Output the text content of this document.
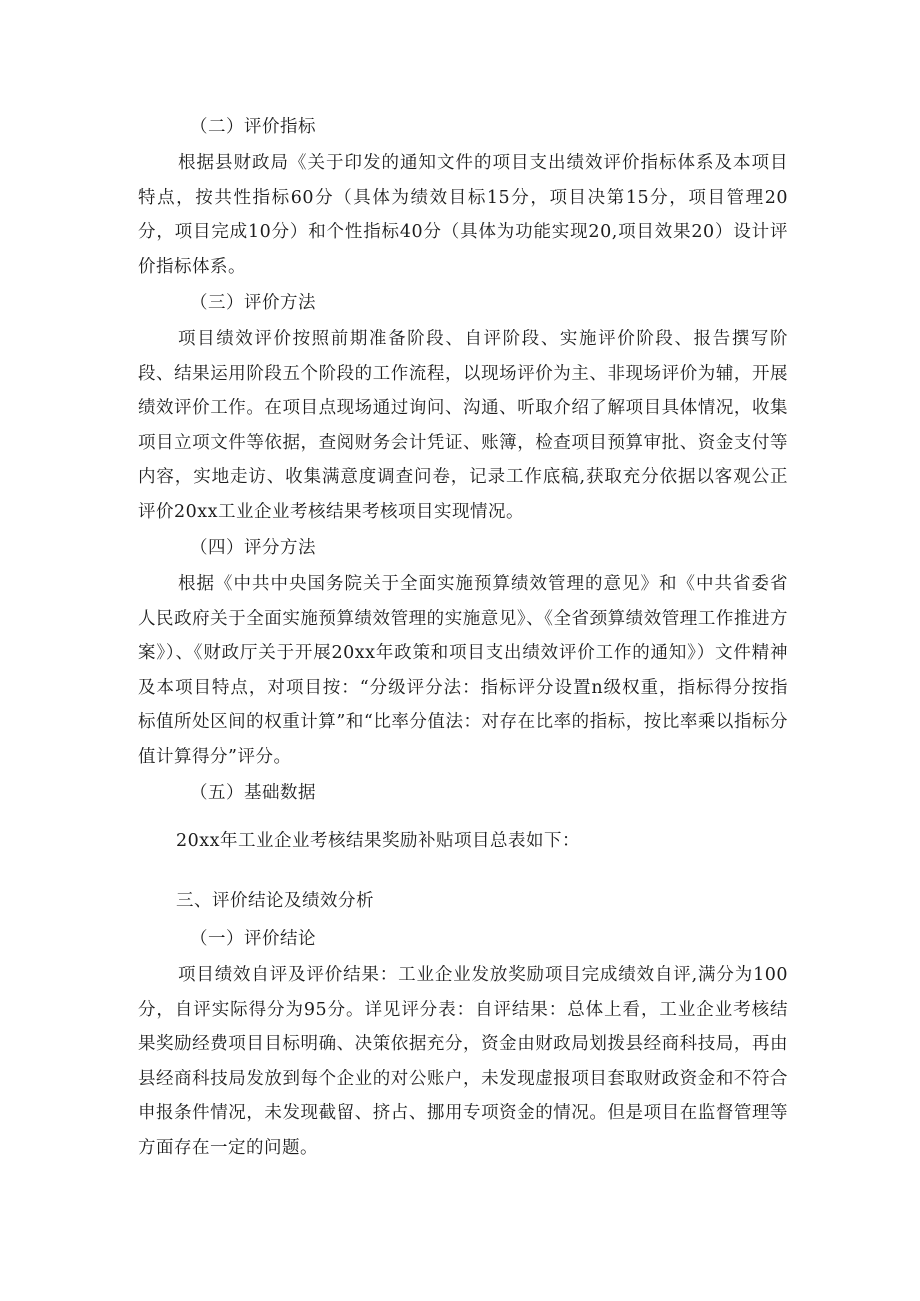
（二）评价指标

根据县财政局《关于印发的通知文件的项目支出绩效评价指标体系及本项目特点，按共性指标60分（具体为绩效目标15分，项目决第15分，项目管理20分，项目完成10分）和个性指标40分（具体为功能实现20,项目效果20）设计评价指标体系。

（三）评价方法

项目绩效评价按照前期准备阶段、自评阶段、实施评价阶段、报告撰写阶段、结果运用阶段五个阶段的工作流程，以现场评价为主、非现场评价为辅，开展绩效评价工作。在项目点现场通过询问、沟通、听取介绍了解项目具体情况，收集项目立项文件等依据，查阅财务会计凭证、账簿，检查项目预算审批、资金支付等内容，实地走访、收集满意度调查问卷，记录工作底稿,获取充分依据以客观公正评价20xx工业企业考核结果考核项目实现情况。

（四）评分方法

根据《中共中央国务院关于全面实施预算绩效管理的意见》和《中共省委省人民政府关于全面实施预算绩效管理的实施意见》、《全省颈算绩效管理工作推进方案》）、《财政厅关于开展20xx年政策和项目支出绩效评价工作的通知》）文件精神及本项目特点，对项目按：“分级评分法：指标评分设置n级权重，指标得分按指标值所处区间的权重计算”和“比率分值法：对存在比率的指标，按比率乘以指标分值计算得分”评分。

（五）基础数据

20xx年工业企业考核结果奖励补贴项目总表如下：

三、评价结论及绩效分析

（一）评价结论

项目绩效自评及评价结果：工业企业发放奖励项目完成绩效自评,满分为100分，自评实际得分为95分。详见评分表：自评结果：总体上看，工业企业考核结果奖励经费项目目标明确、决策依据充分，资金由财政局划拨县经商科技局，再由县经商科技局发放到每个企业的对公账户，未发现虚报项目套取财政资金和不符合申报条件情况，未发现截留、挤占、挪用专项资金的情况。但是项目在监督管理等方面存在一定的问题。
